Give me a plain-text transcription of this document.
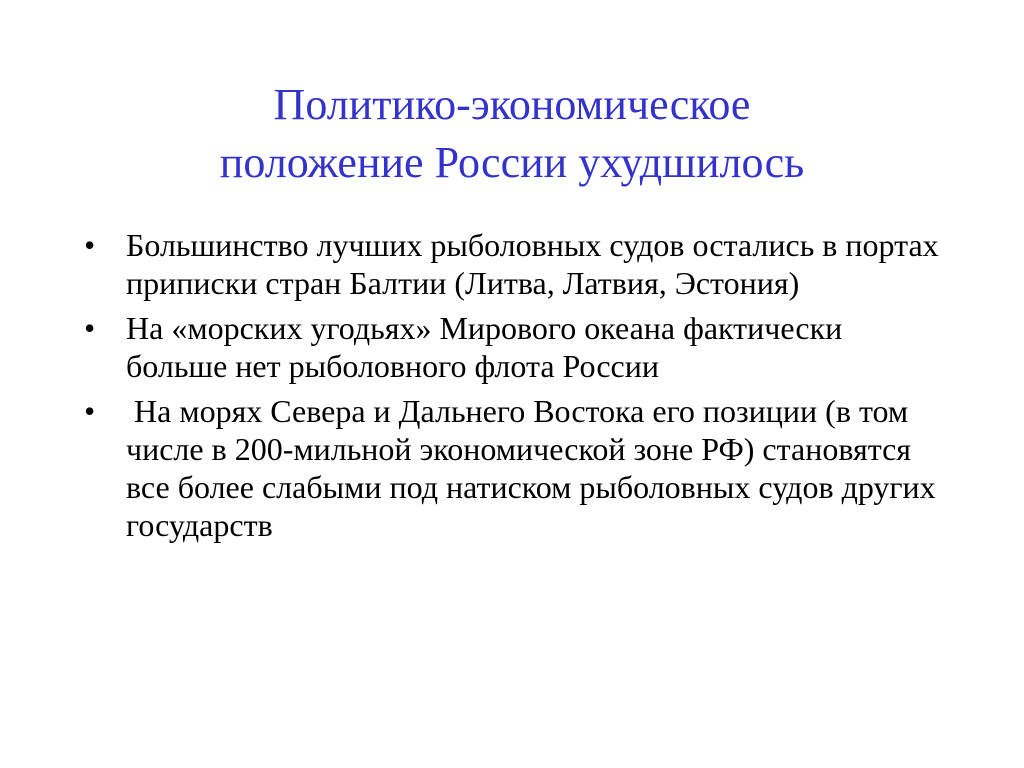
Политико-экономическое
положение России ухудшилось
• Большинство лучших рыболовных судов остались в портах приписки стран Балтии (Литва, Латвия, Эстония)
• На «морских угодьях» Мирового океана фактически больше нет рыболовного флота России
• На морях Севера и Дальнего Востока его позиции (в том числе в 200-мильной экономической зоне РФ) становятся все более слабыми под натиском рыболовных судов других государств
